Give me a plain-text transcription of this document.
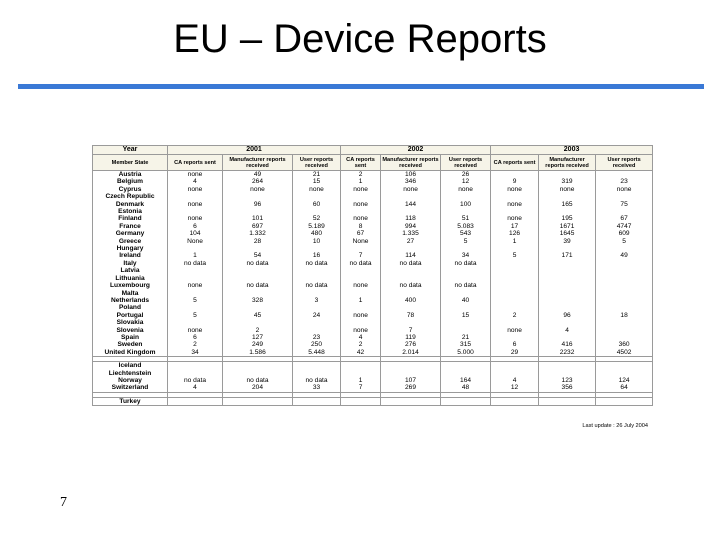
EU – Device Reports
Year	2001			2002			2003		
Member State	CA reports sent	Manufacturer reports received	User reports received	CA reports sent	Manufacturer reports received	User reports received	CA reports sent	Manufacturer reports received	User reports received
Austria	none	49	21	2	106	26			
Belgium	4	264	15	1	346	12	9	319	23
Cyprus	none	none	none	none	none	none	none	none	none
Czech Republic									
Denmark	none	96	60	none	144	100	none	165	75
Estonia									
Finland	none	101	52	none	118	51	none	195	67
France	6	697	5.189	8	994	5.083	17	1671	4747
Germany	104	1.332	480	67	1.335	543	126	1645	609
Greece	None	28	10	None	27	5	1	39	5
Hungary									
Ireland	1	54	16	7	114	34	5	171	49
Italy	no data	no data	no data	no data	no data	no data			
Latvia									
Lithuania									
Luxembourg	none	no data	no data	none	no data	no data			
Malta									
Netherlands	5	328	3	1	400	40			
Poland									
Portugal	5	45	24	none	78	15	2	96	18
Slovakia									
Slovenia	none	2		none	7		none	4	
Spain	6	127	23	4	119	21			
Sweden	2	249	250	2	276	315	6	416	360
United Kingdom	34	1.586	5.448	42	2.014	5.000	29	2232	4502

Iceland									
Liechtenstein									
Norway	no data	no data	no data	1	107	164	4	123	124
Switzerland	4	204	33	7	269	48	12	356	64

Turkey									
Last update : 26 July 2004
7
